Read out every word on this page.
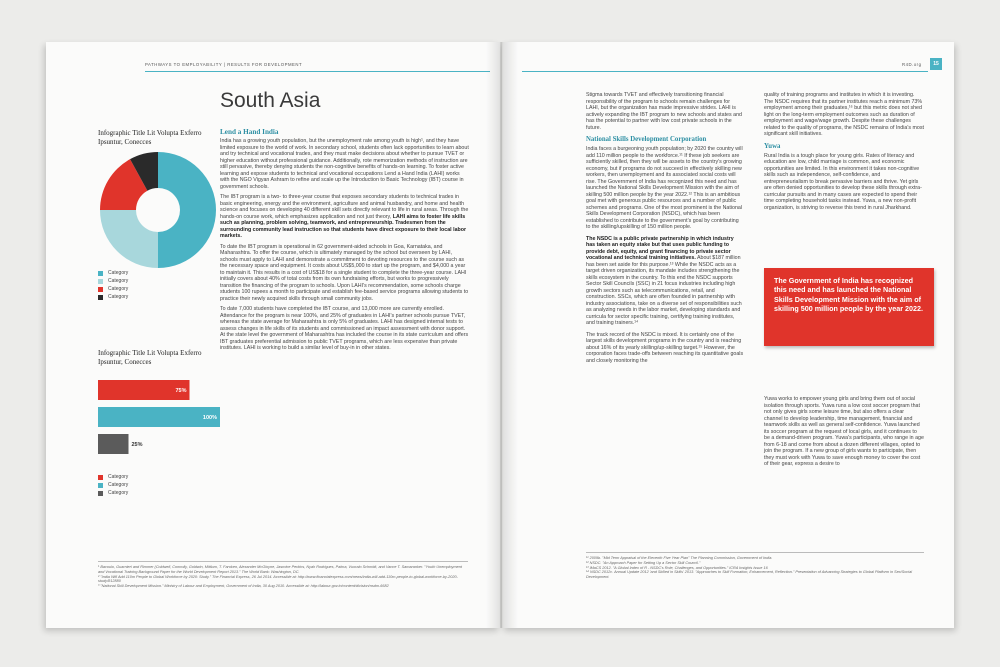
PATHWAYS TO EMPLOYABILITY | RESULTS FOR DEVELOPMENT
South Asia
Infographic Title Lit Volupta Exferro Ipsuntur, Conecces
Category
Category
Category
Category
Infographic Title Lit Volupta Exferro Ipsuntur, Conecces
75%
100%
25%
Category
Category
Category
Lend a Hand India

India has a growing youth population, but the unemployment rate among youth is high¹, and they have limited exposure to the world of work. In secondary school, students often lack opportunities to learn about and try technical and vocational trades, and they must make decisions about whether to pursue TVET or higher education without professional guidance. Additionally, rote memorization methods of instruction are still pervasive, thereby denying students the non-cognitive benefits of hands-on learning. To foster active learning and expose students to technical and vocational occupations Lend a Hand India (LAHI) works with the NGO Vigyan Ashram to refine and scale up the Introduction to Basic Technology (IBT) course in government schools.

The IBT program is a two- to three-year course that exposes secondary students to technical trades in basic engineering, energy and the environment, agriculture and animal husbandry, and home and health science and focuses on developing 40 different skill sets directly relevant to life in rural areas. Through the hands-on course work, which emphasizes application and not just theory, LAHI aims to foster life skills such as planning, problem solving, teamwork, and entrepreneurship. Tradesmen from the surrounding community lead instruction so that students have direct exposure to their local labor markets.

To date the IBT program is operational in 62 government-aided schools in Goa, Karnataka, and Maharashtra. To offer the course, which is ultimately managed by the school but overseen by LAHI, schools must apply to LAHI and demonstrate a commitment to devoting resources to the course such as the necessary space and equipment. It costs about US$5,000 to start up the program, and $4,000 a year to maintain it. This results in a cost of US$18 for a single student to complete the three-year course. LAHI initially covers about 40% of total costs from its own fundraising efforts, but works to progressively transition the financing of the program to schools. Upon LAHI's recommendation, some schools charge students 100 rupees a month to participate and establish fee-based service programs allowing students to practice their newly acquired skills through small community jobs.

To date 7,000 students have completed the IBT course, and 13,000 more are currently enrolled. Attendance for the program is near 100%, and 25% of graduates in LAHI's partner schools pursue TVET, whereas the state average for Maharashtra is only 5% of graduates. LAHI has designed internal tests to assess changes in life skills of its students and commissioned an impact assessment with donor support. At the state level the government of Maharashtra has included the course in its state curriculum and offers IBT graduates preferential admission to public TVET programs, which are less expensive than private institutes. LAHI is working to build a similar level of buy-in in other states.

¹ Bacoulo, Guarnieri and Rimmer (Coldwell, Connolly, Goldwin, Mittlum, T. Faroken, Alexander McGloyne, Jasmine Perkins, Nyah Rodrigues, Palma, Vuoralo Schmidt, and Vance T. Samaranker. "Youth Unemployment and Vocational Training Background Paper for the World Development Report 2013." The World Bank: Washington, DC.
² "India Will Add 110m People to Global Workforce by 2020: Study." The Financial Express, 26 Jul 2014. Accessible at: http://www.financialexpress.com/news/india-will-add-110m-people-to-global-workforce-by-2020-study/812880
³ "National Skill Development Mission." Ministry of Labour and Employment, Government of India, 30 Aug 2010. Accessible at: http://labour.gov.in/content/division/nsdm-6682
R4D.org	15

Stigma towards TVET and effectively transitioning financial responsibility of the program to schools remain challenges for LAHI, but the organization has made impressive strides. LAHI is actively expanding the IBT program to new schools and states and has the potential to partner with low cost private schools in the future.

National Skills Development Corporation

India faces a burgeoning youth population; by 2020 the country will add 110 million people to the workforce.¹¹ If these job seekers are sufficiently skilled, then they will be assets to the country's growing economy, but if programs do not succeed in effectively skilling new workers, then unemployment and its associated social costs will rise. The Government of India has recognized this need and has launched the National Skills Development Mission with the aim of skilling 500 million people by the year 2022.¹² This is an ambitious goal met with generous public resources and a number of public schemes and programs. One of the most prominent is the National Skills Development Corporation (NSDC), which has been established to contribute to the government's goal by contributing to the skilling/upskilling of 150 million people.

The NSDC is a public private partnership in which industry has taken an equity stake but that uses public funding to provide debt, equity, and grant financing to private sector vocational and technical training initiatives. About $187 million has been set aside for this purpose.¹³ While the NSDC acts as a target driven organization, its mandate includes strengthening the skills ecosystem in the country. To this end the NSDC supports Sector Skill Councils (SSC) in 21 focus industries including high growth sectors such as telecommunications, retail, and construction. SSCs, which are often founded in partnership with industry associations, take on a diverse set of responsibilities such as analyzing needs in the labor market, developing standards and curricula for sector specific training, certifying training institutes, and training trainers.¹⁴

The track record of the NSDC is mixed. It is certainly one of the largest skills development programs in the country and is reaching about 16% of its yearly skilling/up-skilling target.¹⁵ However, the corporation faces trade-offs between reaching its quantitative goals and closely monitoring the

quality of training programs and institutes in which it is investing. The NSDC requires that its partner institutes reach a minimum 73% employment among their graduates,¹⁶ but this metric does not shed light on the long-term employment outcomes such as duration of employment and wage/wage growth. Despite these challenges related to the quality of programs, the NSDC remains of India's most significant skill initiatives.

Yuwa

Rural India is a tough place for young girls. Rates of literacy and education are low, child marriage is common, and economic opportunities are limited. In this environment it takes non-cognitive skills such as independence, self-confidence, and entrepreneurialism to break pervasive barriers and thrive. Yet girls are often denied opportunities to develop these skills through extra-curricular pursuits and in many cases are expected to spend their time completing household tasks instead. Yuwa, a new non-profit organization, is striving to reverse this trend in rural Jharkhand.

The Government of India has recognized this need and has launched the National Skills Development Mission with the aim of skilling 500 million people by the year 2022.

Yuwa works to empower young girls and bring them out of social isolation through sports. Yuwa runs a low cost soccer program that not only gives girls some leisure time, but also offers a clear channel to develop leadership, time management, financial and teamwork skills as well as general self-confidence. Yuwa launched its soccer program at the request of local girls, and it continues to be a demand-driven program. Yuwa's participants, who range in age from 6-18 and come from about a dozen different villages, opted to join the program. If a new group of girls wants to participate, then they must work with Yuwa to save enough money to cover the cost of their gear, express a desire to

¹¹ 2009b. "Mid Term Appraisal of the Eleventh Five Year Plan" The Planning Commission, Government of India.
¹² NSDC. "An Approach Paper for Setting Up a Sector Skill Council."
¹³ IMaCS 2012. "A Global Index of R - NSDC's Role, Challenges, and Opportunities." ICRA Insights Issue 16
¹⁴ NSDC 2012c. Annual Update 2012 'and Skilled in Skills' 2013. "Approaches to Skill Formation, Enhancement, Reflection." Presentation of Advancing Strategies to Global Platform in Sex/Social Development.
